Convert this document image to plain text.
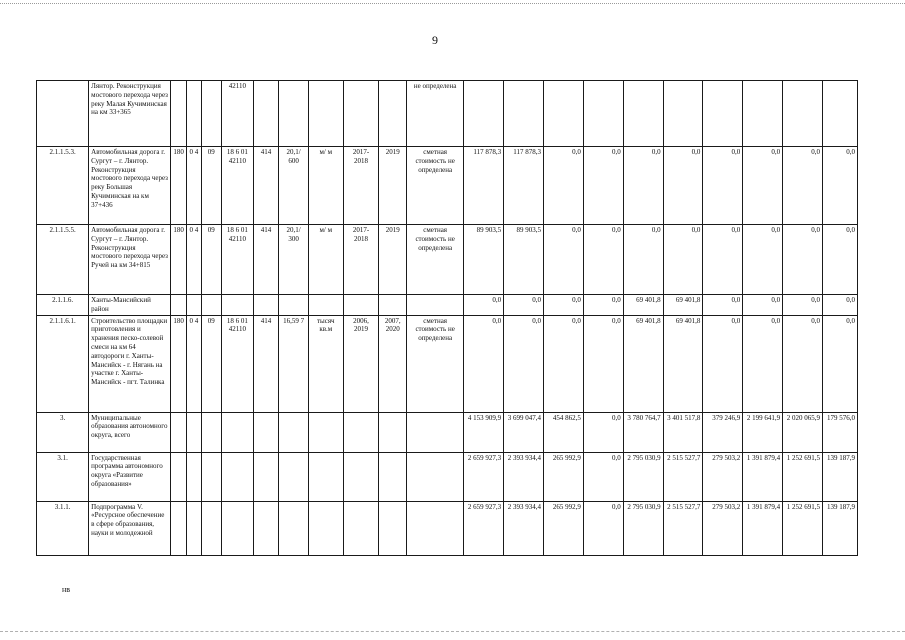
9
	Лянтор. Реконструкция мостового перехода через реку Малая Кучиминская на км 33+365				42110						не определена										
2.1.1.5.3.	Автомобильная дорога г. Сургут – г. Лянтор. Реконструкция мостового перехода через реку Большая Кучиминская на км 37+436	180	0 4	09	18 6 01 42110	414	20,1/ 600	м/ м	2017- 2018	2019	сметная стоимость не определена	117 878,3	117 878,3	0,0	0,0	0,0	0,0	0,0	0,0	0,0	0,0
2.1.1.5.5.	Автомобильная дорога г. Сургут – г. Лянтор. Реконструкция мостового перехода через Ручей на км 34+815	180	0 4	09	18 6 01 42110	414	20,1/ 300	м/ м	2017- 2018	2019	сметная стоимость не определена	89 903,5	89 903,5	0,0	0,0	0,0	0,0	0,0	0,0	0,0	0,0
2.1.1.6.	Ханты-Мансийский район											0,0	0,0	0,0	0,0	69 401,8	69 401,8	0,0	0,0	0,0	0,0
2.1.1.6.1.	Строительство площадки приготовления и хранения песко-солевой смеси на км 64 автодороги г. Ханты-Мансийск - г. Нягань на участке г. Ханты-Мансийск - пгт. Талинка	180	0 4	09	18 6 01 42110	414	16,59 7	тысяч кв.м	2006, 2019	2007, 2020	сметная стоимость не определена	0,0	0,0	0,0	0,0	69 401,8	69 401,8	0,0	0,0	0,0	0,0
3.	Муниципальные образования автономного округа, всего											4 153 909,9	3 699 047,4	454 862,5	0,0	3 780 764,7	3 401 517,8	379 246,9	2 199 641,9	2 020 065,9	179 576,0
3.1.	Государственная программа автономного округа «Развитие образования»											2 659 927,3	2 393 934,4	265 992,9	0,0	2 795 030,9	2 515 527,7	279 503,2	1 391 879,4	1 252 691,5	139 187,9
3.1.1.	Подпрограмма V. «Ресурсное обеспечение в сфере образования, науки и молодежной											2 659 927,3	2 393 934,4	265 992,9	0,0	2 795 030,9	2 515 527,7	279 503,2	1 391 879,4	1 252 691,5	139 187,9
нв
